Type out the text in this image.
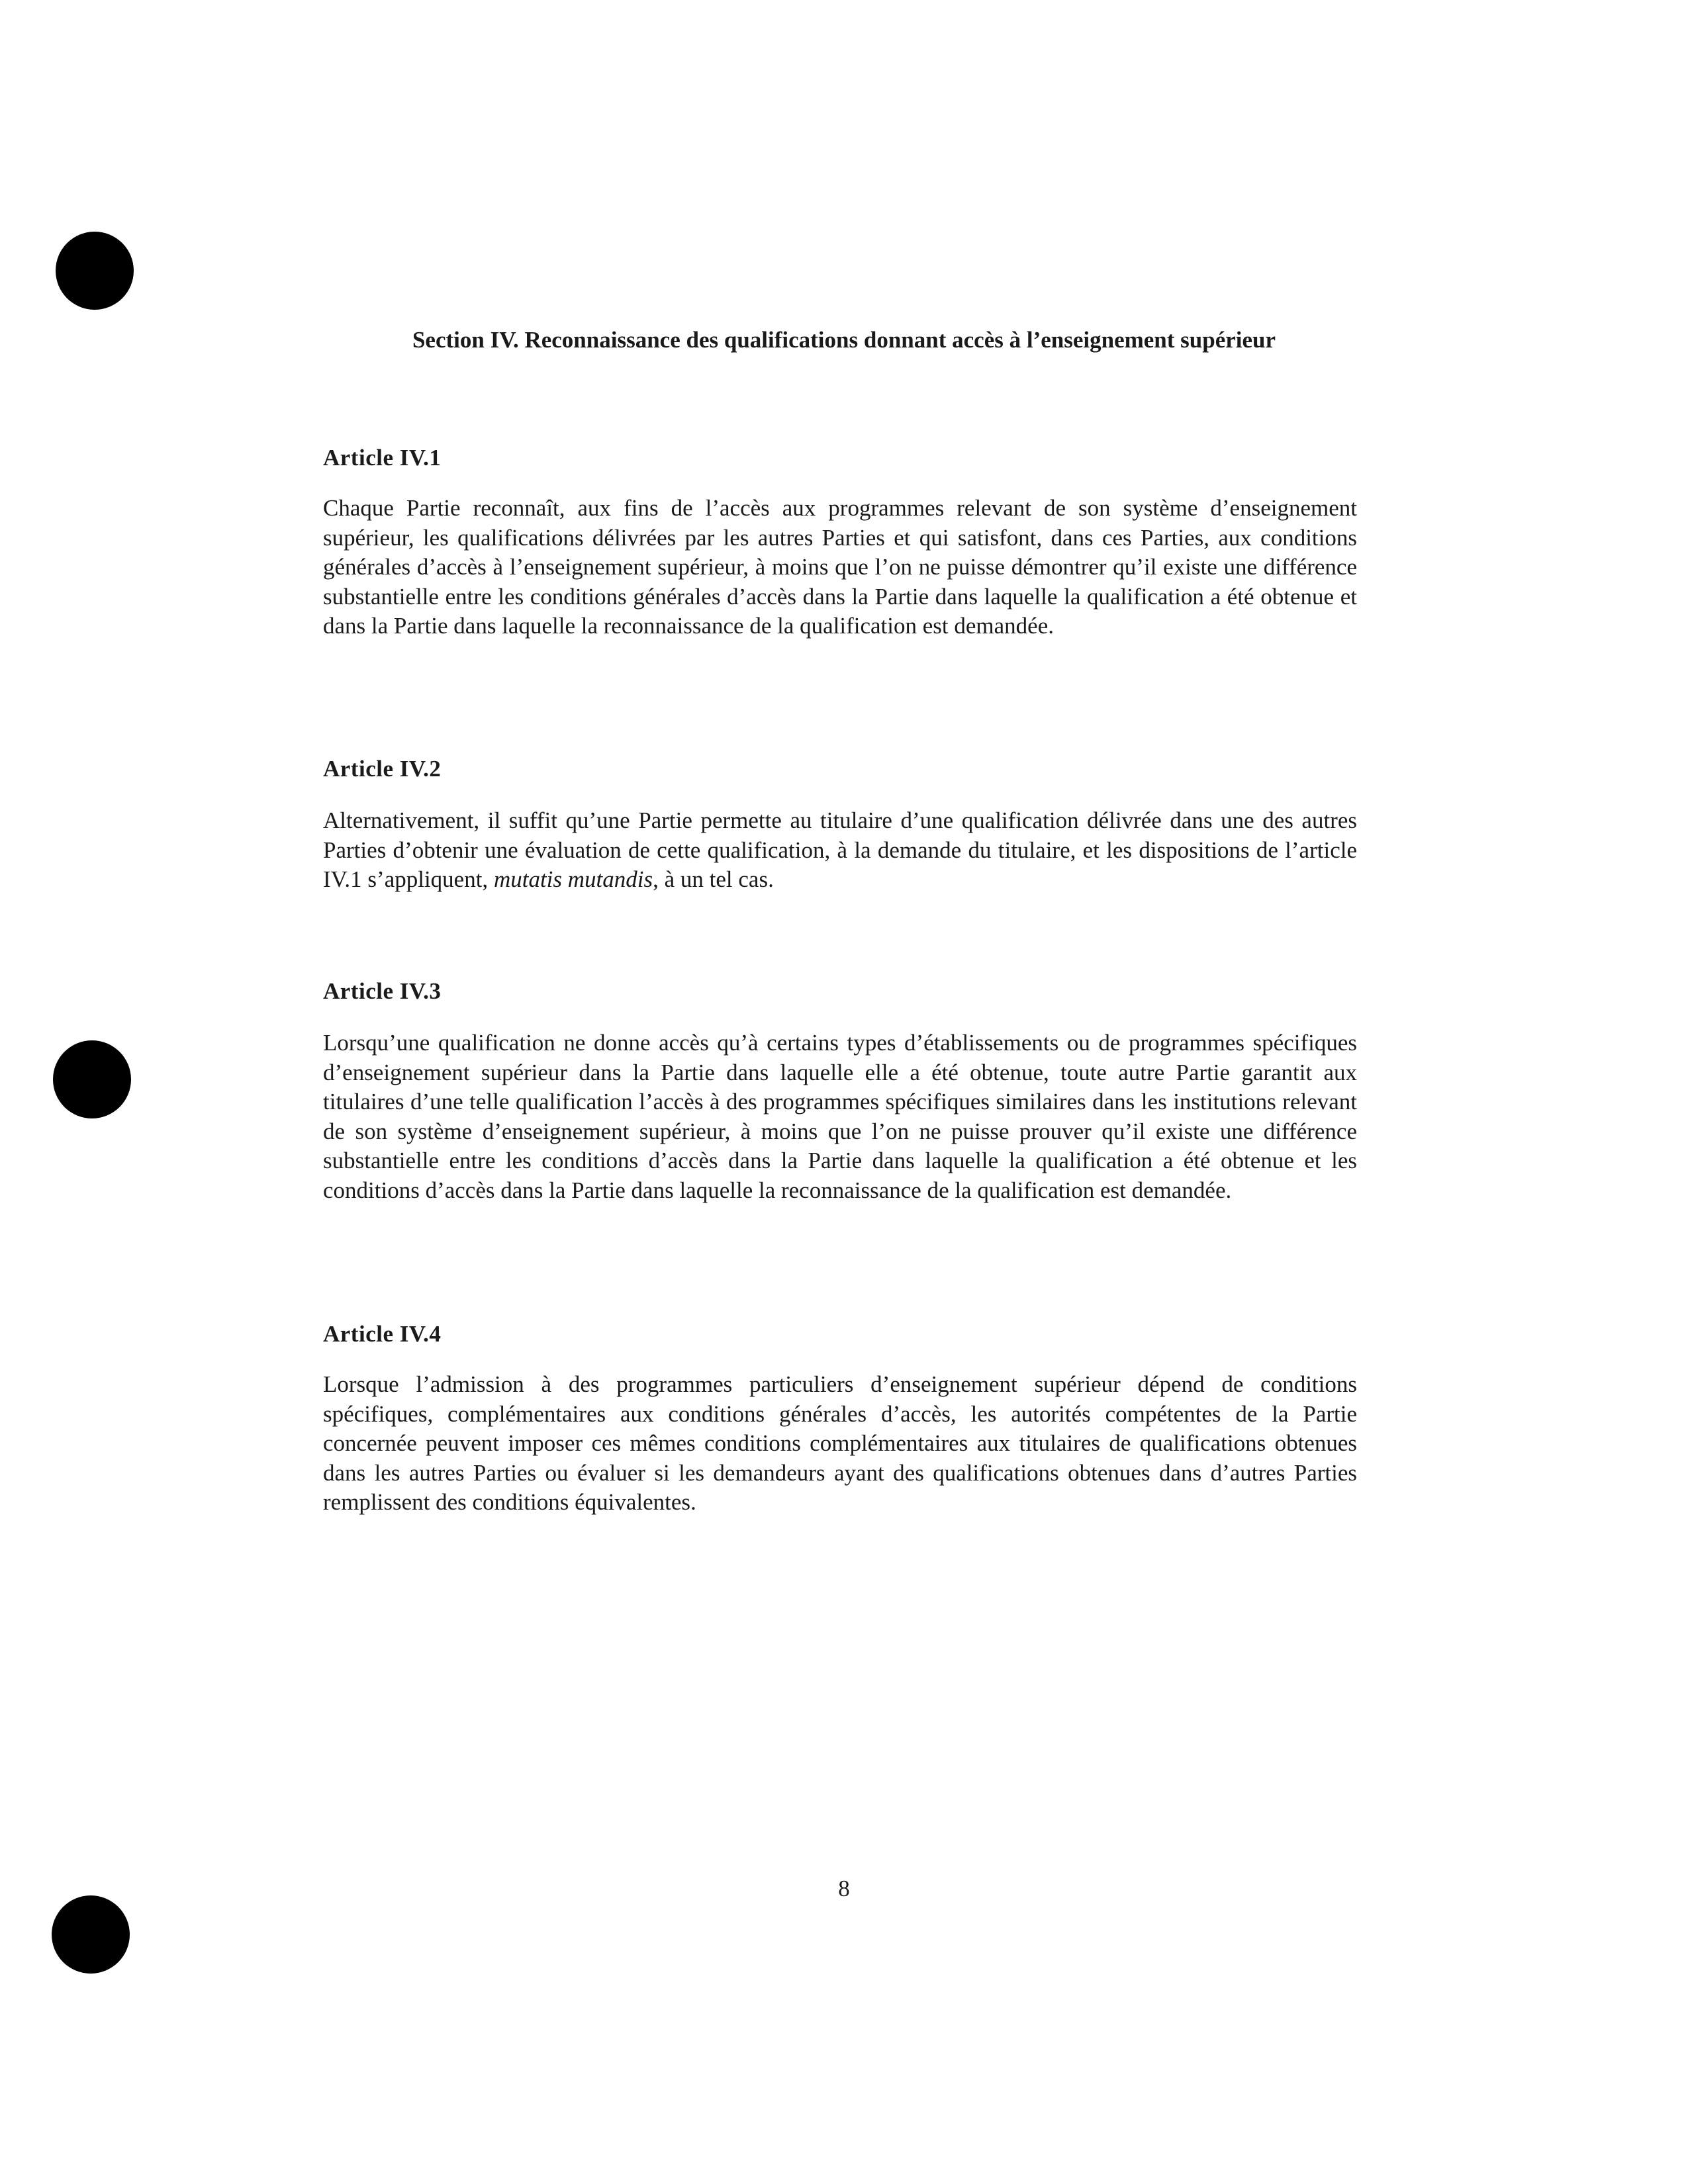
Section IV. Reconnaissance des qualifications donnant accès à l’enseignement supérieur
Article IV.1

Chaque Partie reconnaît, aux fins de l’accès aux programmes relevant de son système d’enseignement supérieur, les qualifications délivrées par les autres Parties et qui satisfont, dans ces Parties, aux conditions générales d’accès à l’enseignement supérieur, à moins que l’on ne puisse démontrer qu’il existe une différence substantielle entre les conditions générales d’accès dans la Partie dans laquelle la qualification a été obtenue et dans la Partie dans laquelle la reconnaissance de la qualification est demandée.

Article IV.2

Alternativement, il suffit qu’une Partie permette au titulaire d’une qualification délivrée dans une des autres Parties d’obtenir une évaluation de cette qualification, à la demande du titulaire, et les dispositions de l’article IV.1 s’appliquent, mutatis mutandis, à un tel cas.

Article IV.3

Lorsqu’une qualification ne donne accès qu’à certains types d’établissements ou de programmes spécifiques d’enseignement supérieur dans la Partie dans laquelle elle a été obtenue, toute autre Partie garantit aux titulaires d’une telle qualification l’accès à des programmes spécifiques similaires dans les institutions relevant de son système d’enseignement supérieur, à moins que l’on ne puisse prouver qu’il existe une différence substantielle entre les conditions d’accès dans la Partie dans laquelle la qualification a été obtenue et les conditions d’accès dans la Partie dans laquelle la reconnaissance de la qualification est demandée.

Article IV.4

Lorsque l’admission à des programmes particuliers d’enseignement supérieur dépend de conditions spécifiques, complémentaires aux conditions générales d’accès, les autorités compétentes de la Partie concernée peuvent imposer ces mêmes conditions complémentaires aux titulaires de qualifications obtenues dans les autres Parties ou évaluer si les demandeurs ayant des qualifications obtenues dans d’autres Parties remplissent des conditions équivalentes.

8
